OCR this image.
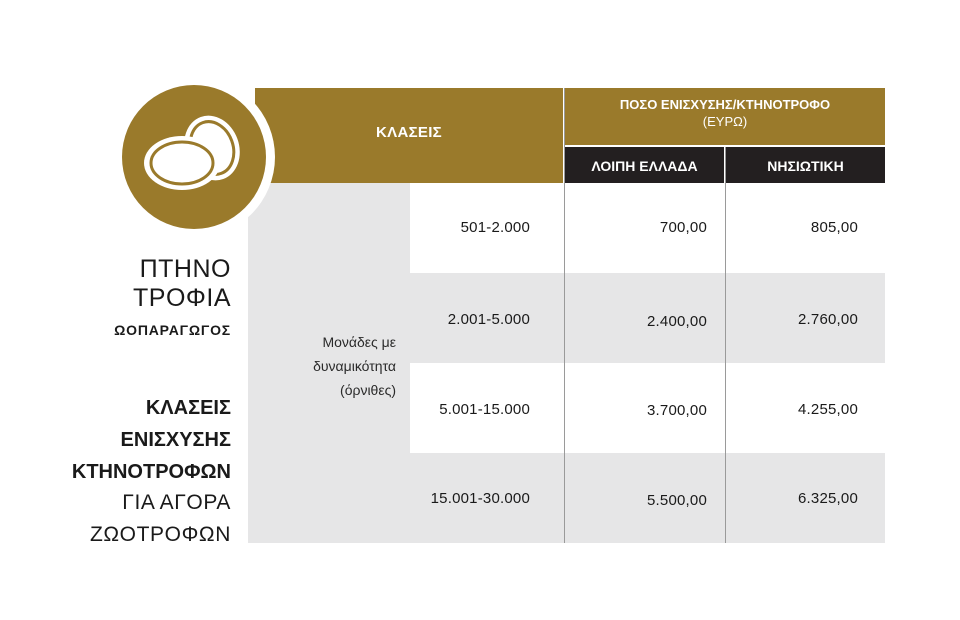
ΚΛΑΣΕΙΣ
ΠΟΣΟ ΕΝΙΣΧΥΣΗΣ/ΚΤΗΝΟΤΡΟΦΟ
(ΕΥΡΩ)
ΛΟΙΠΗ ΕΛΛΑΔΑ	ΝΗΣΙΩΤΙΚΗ
Μονάδες με
δυναμικότητα
(όρνιθες)
501-2.000	700,00	805,00
2.001-5.000	2.400,00	2.760,00
5.001-15.000	3.700,00	4.255,00
15.001-30.000	5.500,00	6.325,00
ΠΤΗΝΟ
ΤΡΟΦΙΑ
ΩΟΠΑΡΑΓΩΓΟΣ
ΚΛΑΣΕΙΣ
ΕΝΙΣΧΥΣΗΣ
ΚΤΗΝΟΤΡΟΦΩΝ
ΓΙΑ ΑΓΟΡΑ
ΖΩΟΤΡΟΦΩΝ
